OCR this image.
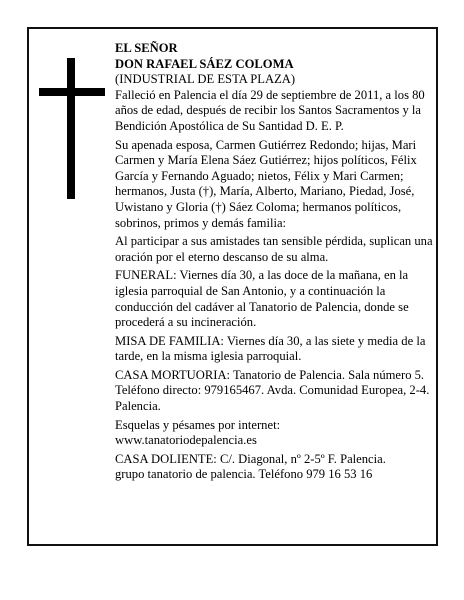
EL SEÑOR

DON RAFAEL SÁEZ COLOMA

(INDUSTRIAL DE ESTA PLAZA)

Falleció en Palencia el día 29 de septiembre de 2011, a los 80 años de edad, después de recibir los Santos Sacramentos y la Bendición Apostólica de Su Santidad D. E. P.

Su apenada esposa, Carmen Gutiérrez Redondo; hijas, Mari Carmen y María Elena Sáez Gutiérrez; hijos políticos, Félix García y Fernando Aguado; nietos, Félix y Mari Carmen; hermanos, Justa (†), María, Alberto, Mariano, Piedad, José, Uwistano y Gloria (†) Sáez Coloma; hermanos políticos, sobrinos, primos y demás familia:

Al participar a sus amistades tan sensible pérdida, suplican una oración por el eterno descanso de su alma.

FUNERAL: Viernes día 30, a las doce de la mañana, en la iglesia parroquial de San Antonio, y a continuación la conducción del cadáver al Tanatorio de Palencia, donde se procederá a su incineración.

MISA DE FAMILIA: Viernes día 30, a las siete y media de la tarde, en la misma iglesia parroquial.

CASA MORTUORIA: Tanatorio de Palencia. Sala número 5. Teléfono directo: 979165467. Avda. Comunidad Europea, 2-4. Palencia.

Esquelas y pésames por internet:

www.tanatoriodepalencia.es

CASA DOLIENTE: C/. Diagonal, nº 2-5º F. Palencia.

grupo tanatorio de palencia. Teléfono 979 16 53 16
